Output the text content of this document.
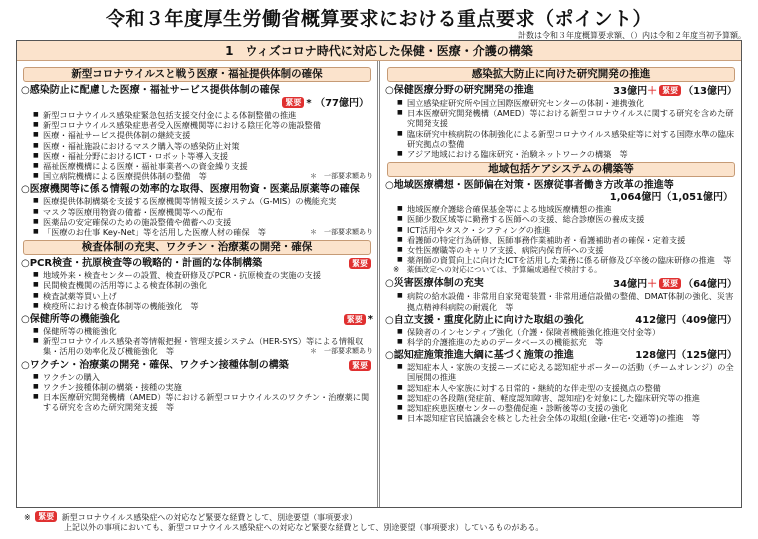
令和３年度厚生労働省概算要求における重点要求（ポイント）
計数は令和３年度概算要求額、（）内は令和２年度当初予算額。
1　ウィズコロナ時代に対応した保健・医療・介護の構築
新型コロナウイルスと戦う医療・福祉提供体制の確保
○感染防止に配慮した医療・福祉サービス提供体制の確保
緊要 * （77億円）
■ 新型コロナウイルス感染症緊急包括支援交付金による体制整備の推進
■ 新型コロナウイルス感染症患者受入医療機関等における陰圧化等の施設整備
■ 医療・福祉サービス提供体制の継続支援
■ 医療・福祉施設におけるマスク購入等の感染防止対策
■ 医療・福祉分野におけるICT・ロボット等導入支援
■ 福祉医療機構による医療・福祉事業者への資金繰り支援
■ 国立病院機構による医療提供体制の整備　等	＊　一部要求額あり
○医療機関等に係る情報の効率的な取得、医療用物資・医薬品原薬等の確保
■ 医療提供体制構築を支援する医療機関等情報支援システム（G-MIS）の機能充実
■ マスク等医療用物資の備蓄・医療機関等への配布
■ 医薬品の安定確保のための施設整備や備蓄への支援
■ 「医療のお仕事 Key-Net」等を活用した医療人材の確保　等	＊　一部要求額あり
検査体制の充実、ワクチン・治療薬の開発・確保
○PCR検査・抗原検査等の戦略的・計画的な体制構築	緊要
■ 地域外来・検査センターの設置、検査研修及びPCR・抗原検査の実施の支援
■ 民間検査機関の活用等による検査体制の強化
■ 検査試薬等買い上げ
■ 検疫所における検査体制等の機能強化　等
○保健所等の機能強化	緊要 *
■ 保健所等の機能強化
■ 新型コロナウイルス感染者等情報把握・管理支援システム（HER-SYS）等による情報収集・活用の効率化及び機能強化　等	＊　一部要求額あり
○ワクチン・治療薬の開発・確保、ワクチン接種体制の構築	緊要
■ ワクチンの購入
■ ワクチン接種体制の構築・接種の実施
■ 日本医療研究開発機構（AMED）等における新型コロナウイルスのワクチン・治療薬に関する研究を含めた研究開発支援　等
感染拡大防止に向けた研究開発の推進
○保健医療分野の研究開発の推進	33億円＋ 緊要 （13億円）
■ 国立感染症研究所や国立国際医療研究センターの体制・連携強化
■ 日本医療研究開発機構（AMED）等における新型コロナウイルスに関する研究を含めた研究開発支援
■ 臨床研究中核病院の体制強化による新型コロナウイルス感染症等に対する国際水準の臨床研究拠点の整備
■ アジア地域における臨床研究・治験ネットワークの構築　等
地域包括ケアシステムの構築等
○地域医療構想・医師偏在対策・医療従事者働き方改革の推進等
1,064億円（1,051億円）
■ 地域医療介護総合確保基金等による地域医療構想の推進
■ 医師少数区域等に勤務する医師への支援、総合診療医の養成支援
■ ICT活用やタスク・シフティングの推進
■ 看護師の特定行為研修、医師事務作業補助者・看護補助者の確保・定着支援
■ 女性医療職等のキャリア支援、病院内保育所への支援
■ 薬剤師の資質向上に向けたICTを活用した業務に係る研修及び卒後の臨床研修の推進　等
※　薬価改定への対応については、予算編成過程で検討する。
○災害医療体制の充実	34億円＋ 緊要 （64億円）
■ 病院の給水設備・非常用自家発電装置・非常用通信設備の整備、DMAT体制の強化、災害拠点精神科病院の耐震化　等
○自立支援・重度化防止に向けた取組の強化	412億円（409億円）
■ 保険者のインセンティブ強化（介護・保険者機能強化推進交付金等）
■ 科学的介護推進のためのデータベースの機能拡充　等
○認知症施策推進大綱に基づく施策の推進	128億円（125億円）
■ 認知症本人・家族の支援ニーズに応える認知症サポーターの活動（チームオレンジ）の全国展開の推進
■ 認知症本人や家族に対する日常的・継続的な伴走型の支援拠点の整備
■ 認知症の各段階(発症前、軽度認知障害、認知症)を対象にした臨床研究等の推進
■ 認知症疾患医療センターの整備促進・診断後等の支援の強化
■ 日本認知症官民協議会を核とした社会全体の取組(金融･住宅･交通等)の推進　等
※ 緊要 新型コロナウイルス感染症への対応など緊要な経費として、別途要望（事項要求）
上記以外の事項においても、新型コロナウイルス感染症への対応など緊要な経費として、別途要望（事項要求）しているものがある。
